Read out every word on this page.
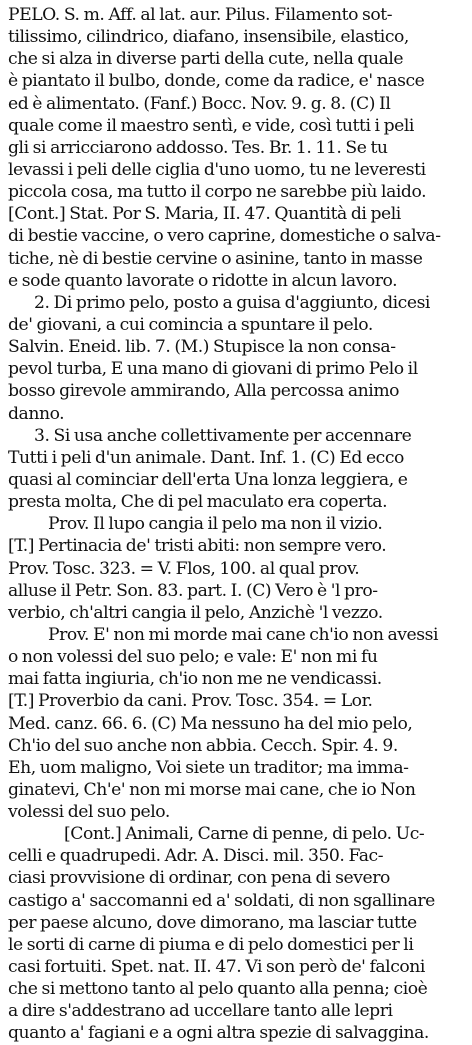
PELO. S. m. Aff. al lat. aur. Pilus. Filamento sot-
tilissimo, cilindrico, diafano, insensibile, elastico,
che si alza in diverse parti della cute, nella quale
è piantato il bulbo, donde, come da radice, e' nasce
ed è alimentato. (Fanf.) Bocc. Nov. 9. g. 8. (C) Il
quale come il maestro sentì, e vide, così tutti i peli
gli si arricciarono addosso. Tes. Br. 1. 11. Se tu
levassi i peli delle ciglia d'uno uomo, tu ne leveresti
piccola cosa, ma tutto il corpo ne sarebbe più laido.
[Cont.] Stat. Por S. Maria, II. 47. Quantità di peli
di bestie vaccine, o vero caprine, domestiche o salva-
tiche, nè di bestie cervine o asinine, tanto in masse
e sode quanto lavorate o ridotte in alcun lavoro.
2. Di primo pelo, posto a guisa d'aggiunto, dicesi
de' giovani, a cui comincia a spuntare il pelo.
Salvin. Eneid. lib. 7. (M.) Stupisce la non consa-
pevol turba, E una mano di giovani di primo Pelo il
bosso girevole ammirando, Alla percossa animo
danno.
3. Si usa anche collettivamente per accennare
Tutti i peli d'un animale. Dant. Inf. 1. (C) Ed ecco
quasi al cominciar dell'erta Una lonza leggiera, e
presta molta, Che di pel maculato era coperta.
Prov. Il lupo cangia il pelo ma non il vizio.
[T.] Pertinacia de' tristi abiti: non sempre vero.
Prov. Tosc. 323. = V. Flos, 100. al qual prov.
alluse il Petr. Son. 83. part. I. (C) Vero è 'l pro-
verbio, ch'altri cangia il pelo, Anzichè 'l vezzo.
Prov. E' non mi morde mai cane ch'io non avessi
o non volessi del suo pelo; e vale: E' non mi fu
mai fatta ingiuria, ch'io non me ne vendicassi.
[T.] Proverbio da cani. Prov. Tosc. 354. = Lor.
Med. canz. 66. 6. (C) Ma nessuno ha del mio pelo,
Ch'io del suo anche non abbia. Cecch. Spir. 4. 9.
Eh, uom maligno, Voi siete un traditor; ma imma-
ginatevi, Ch'e' non mi morse mai cane, che io Non
volessi del suo pelo.
[Cont.] Animali, Carne di penne, di pelo. Uc-
celli e quadrupedi. Adr. A. Disci. mil. 350. Fac-
ciasi provvisione di ordinar, con pena di severo
castigo a' saccomanni ed a' soldati, di non sgallinare
per paese alcuno, dove dimorano, ma lasciar tutte
le sorti di carne di piuma e di pelo domestici per li
casi fortuiti. Spet. nat. II. 47. Vi son però de' falconi
che si mettono tanto al pelo quanto alla penna; cioè
a dire s'addestrano ad uccellare tanto alle lepri
quanto a' fagiani e a ogni altra spezie di salvaggina.
